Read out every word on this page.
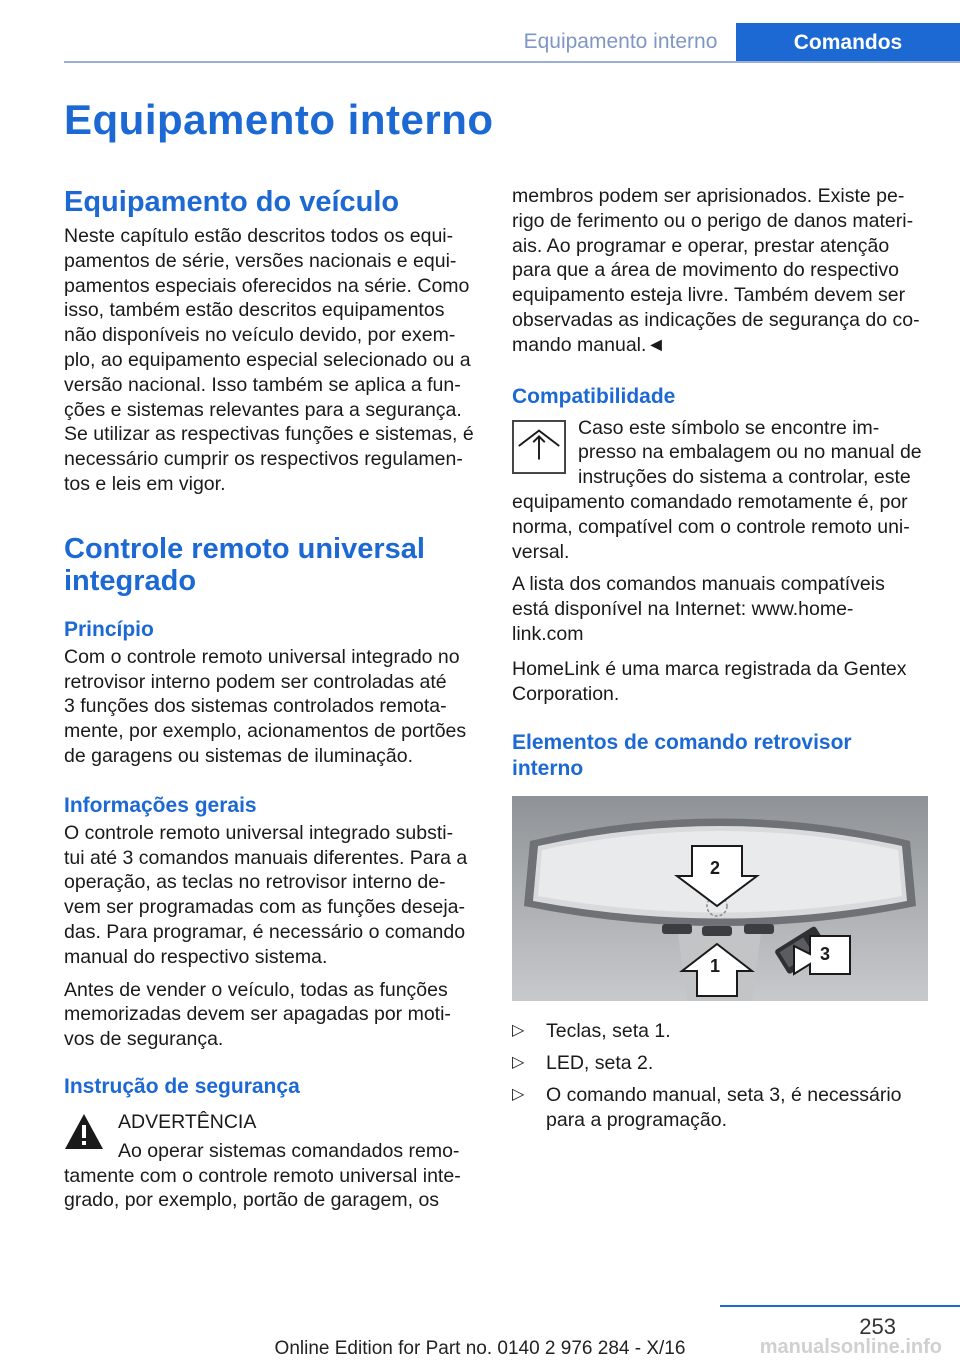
Equipamento interno	Comandos
Equipamento interno
Equipamento do veículo

Neste capítulo estão descritos todos os equi-

pamentos de série, versões nacionais e equi-

pamentos especiais oferecidos na série. Como

isso, também estão descritos equipamentos

não disponíveis no veículo devido, por exem-

plo, ao equipamento especial selecionado ou a

versão nacional. Isso também se aplica a fun-

ções e sistemas relevantes para a segurança.

Se utilizar as respectivas funções e sistemas, é

necessário cumprir os respectivos regulamen-

tos e leis em vigor.

Controle remoto universal
integrado
Princípio

Com o controle remoto universal integrado no

retrovisor interno podem ser controladas até

3 funções dos sistemas controlados remota-

mente, por exemplo, acionamentos de portões

de garagens ou sistemas de iluminação.

Informações gerais

O controle remoto universal integrado substi-

tui até 3 comandos manuais diferentes. Para a

operação, as teclas no retrovisor interno de-

vem ser programadas com as funções deseja-

das. Para programar, é necessário o comando

manual do respectivo sistema.

Antes de vender o veículo, todas as funções

memorizadas devem ser apagadas por moti-

vos de segurança.

Instrução de segurança

ADVERTÊNCIA

Ao operar sistemas comandados remo-

tamente com o controle remoto universal inte-

grado, por exemplo, portão de garagem, os

membros podem ser aprisionados. Existe pe-

rigo de ferimento ou o perigo de danos materi-

ais. Ao programar e operar, prestar atenção

para que a área de movimento do respectivo

equipamento esteja livre. Também devem ser

observadas as indicações de segurança do co-

mando manual.◄

Compatibilidade

Caso este símbolo se encontre im-

presso na embalagem ou no manual de

instruções do sistema a controlar, este

equipamento comandado remotamente é, por

norma, compatível com o controle remoto uni-

versal.

A lista dos comandos manuais compatíveis

está disponível na Internet: www.home-

link.com

HomeLink é uma marca registrada da Gentex

Corporation.

Elementos de comando retrovisor
interno
1
2
3
▷ Teclas, seta 1.
▷ LED, seta 2.
▷ O comando manual, seta 3, é necessário
para a programação.
253
Online Edition for Part no. 0140 2 976 284 - X/16	manualsonline.info
